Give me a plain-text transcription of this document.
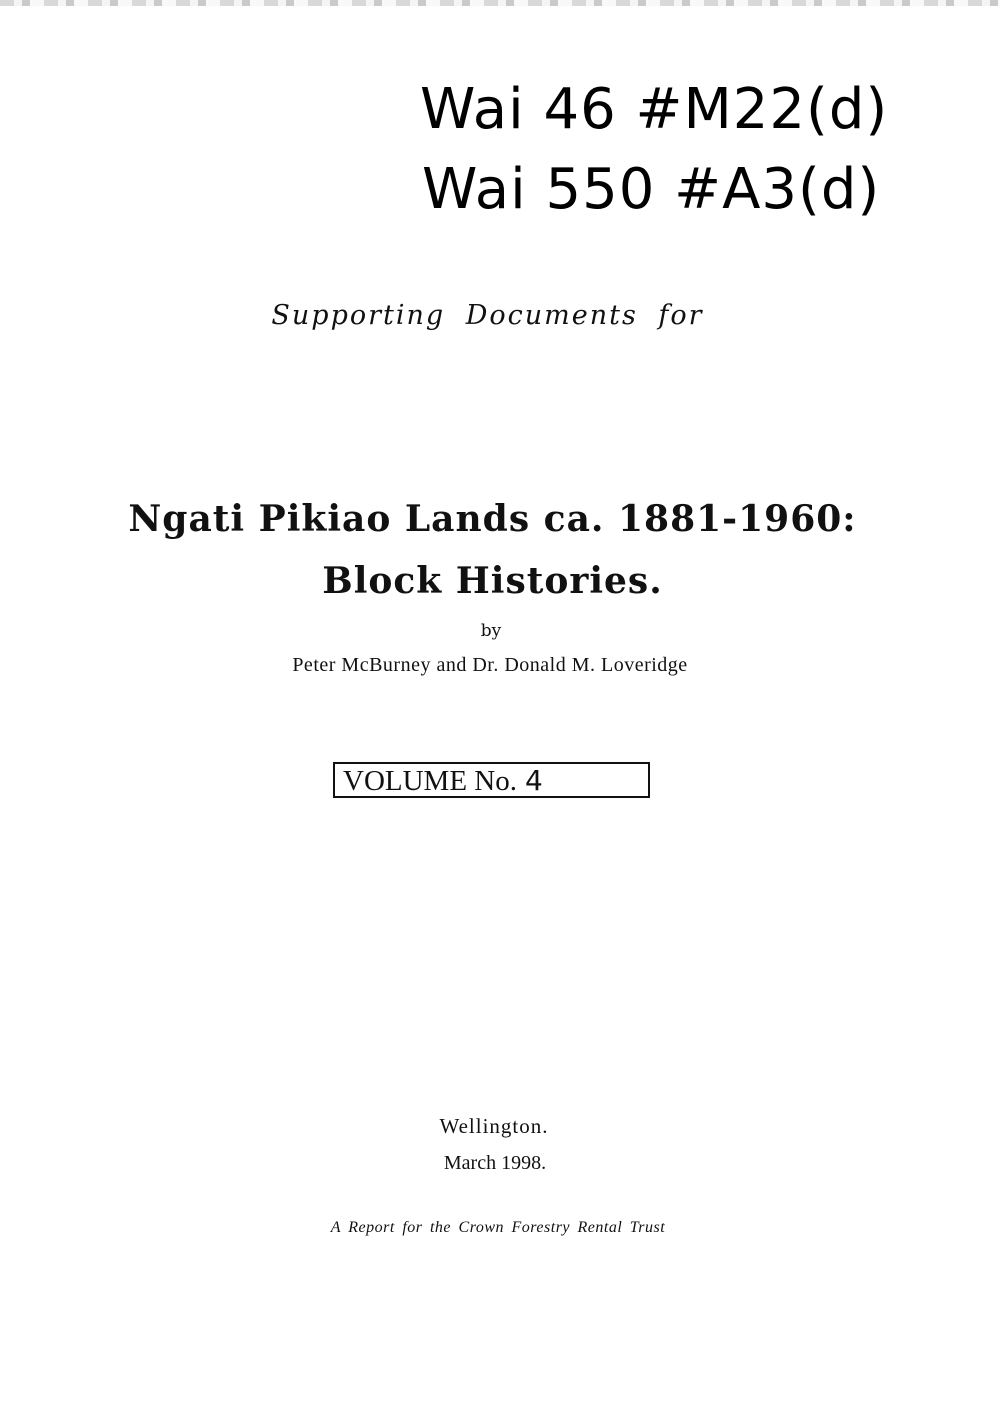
Wai 46 #M22(d)
Wai 550 #A3(d)
Supporting Documents for
Ngati Pikiao Lands ca. 1881-1960:
Block Histories.
by
Peter McBurney and Dr. Donald M. Loveridge
VOLUME No. 4
Wellington.
March 1998.
A Report for the Crown Forestry Rental Trust
